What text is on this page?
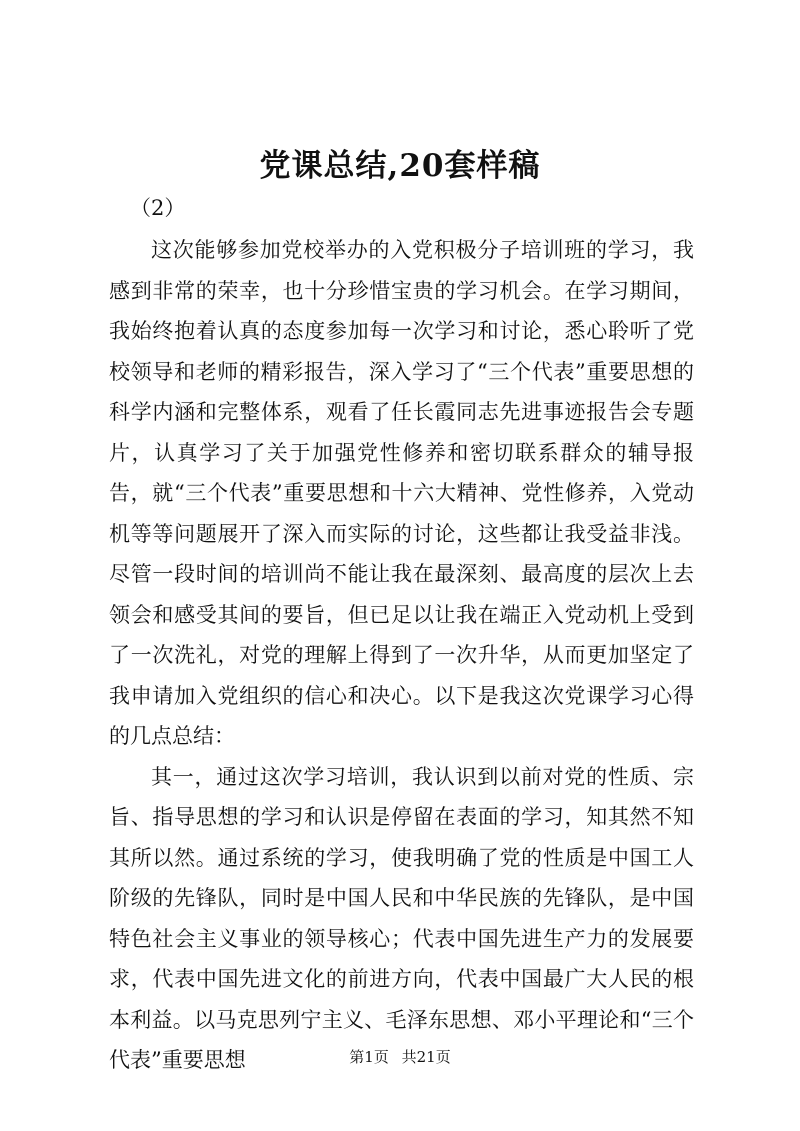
党课总结,20套样稿
（2）

这次能够参加党校举办的入党积极分子培训班的学习，我感到非常的荣幸，也十分珍惜宝贵的学习机会。在学习期间，我始终抱着认真的态度参加每一次学习和讨论，悉心聆听了党校领导和老师的精彩报告，深入学习了“三个代表”重要思想的科学内涵和完整体系，观看了任长霞同志先进事迹报告会专题片，认真学习了关于加强党性修养和密切联系群众的辅导报告，就“三个代表”重要思想和十六大精神、党性修养，入党动机等等问题展开了深入而实际的讨论，这些都让我受益非浅。尽管一段时间的培训尚不能让我在最深刻、最高度的层次上去领会和感受其间的要旨，但已足以让我在端正入党动机上受到了一次洗礼，对党的理解上得到了一次升华，从而更加坚定了我申请加入党组织的信心和决心。以下是我这次党课学习心得的几点总结：

其一，通过这次学习培训，我认识到以前对党的性质、宗旨、指导思想的学习和认识是停留在表面的学习，知其然不知其所以然。通过系统的学习，使我明确了党的性质是中国工人阶级的先锋队，同时是中国人民和中华民族的先锋队，是中国特色社会主义事业的领导核心；代表中国先进生产力的发展要求，代表中国先进文化的前进方向，代表中国最广大人民的根本利益。以马克思列宁主义、毛泽东思想、邓小平理论和“三个代表”重要思想	第1页 共21页
